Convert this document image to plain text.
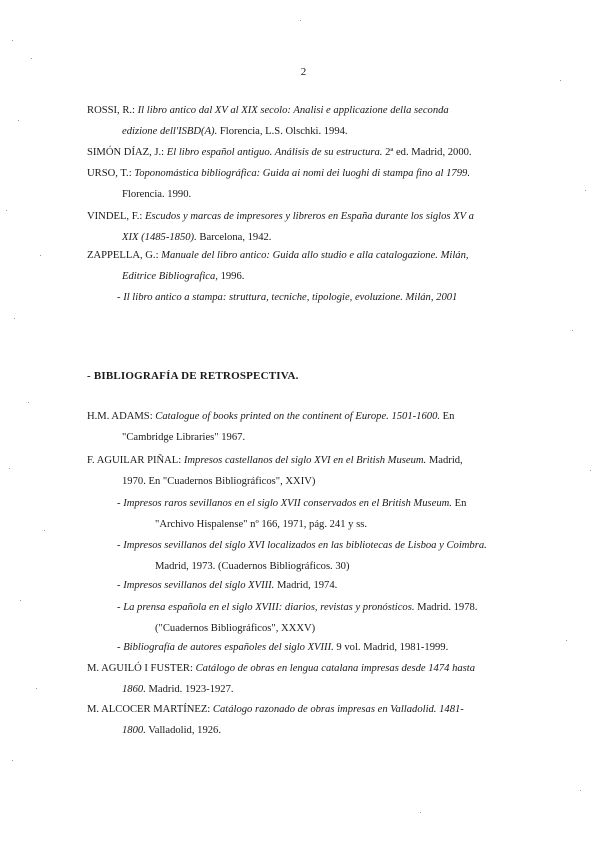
2
ROSSI, R.: Il libro antico dal XV al XIX secolo: Analisi e applicazione della seconda
edizione dell'ISBD(A). Florencia, L.S. Olschki. 1994.
SIMÓN DÍAZ, J.: El libro español antiguo. Análisis de su estructura. 2ª ed. Madrid, 2000.
URSO, T.: Toponomástica bibliográfica: Guida ai nomi dei luoghi di stampa fino al 1799.
Florencia. 1990.
VINDEL, F.: Escudos y marcas de impresores y libreros en España durante los siglos XV a
XIX (1485-1850). Barcelona, 1942.
ZAPPELLA, G.: Manuale del libro antico: Guida allo studio e alla catalogazione. Milán,
Editrice Bibliografica, 1996.
- Il libro antico a stampa: struttura, tecniche, tipologie, evoluzione. Milán, 2001
- BIBLIOGRAFÍA DE RETROSPECTIVA.
H.M. ADAMS: Catalogue of books printed on the continent of Europe. 1501-1600. En
"Cambridge Libraries" 1967.
F. AGUILAR PIÑAL: Impresos castellanos del siglo XVI en el British Museum. Madrid,
1970. En "Cuadernos Bibliográficos", XXIV)
- Impresos raros sevillanos en el siglo XVII conservados en el British Museum. En
"Archivo Hispalense" nº 166, 1971, pág. 241 y ss.
- Impresos sevillanos del siglo XVI localizados en las bibliotecas de Lisboa y Coimbra.
Madrid, 1973. (Cuadernos Bibliográficos. 30)
- Impresos sevillanos del siglo XVIII. Madrid, 1974.
- La prensa española en el siglo XVIII: diarios, revistas y pronósticos. Madrid. 1978.
("Cuadernos Bibliográficos", XXXV)
- Bibliografía de autores españoles del siglo XVIII. 9 vol. Madrid, 1981-1999.
M. AGUILÓ I FUSTER: Catálogo de obras en lengua catalana impresas desde 1474 hasta
1860. Madrid. 1923-1927.
M. ALCOCER MARTÍNEZ: Catálogo razonado de obras impresas en Valladolid. 1481-
1800. Valladolid, 1926.
